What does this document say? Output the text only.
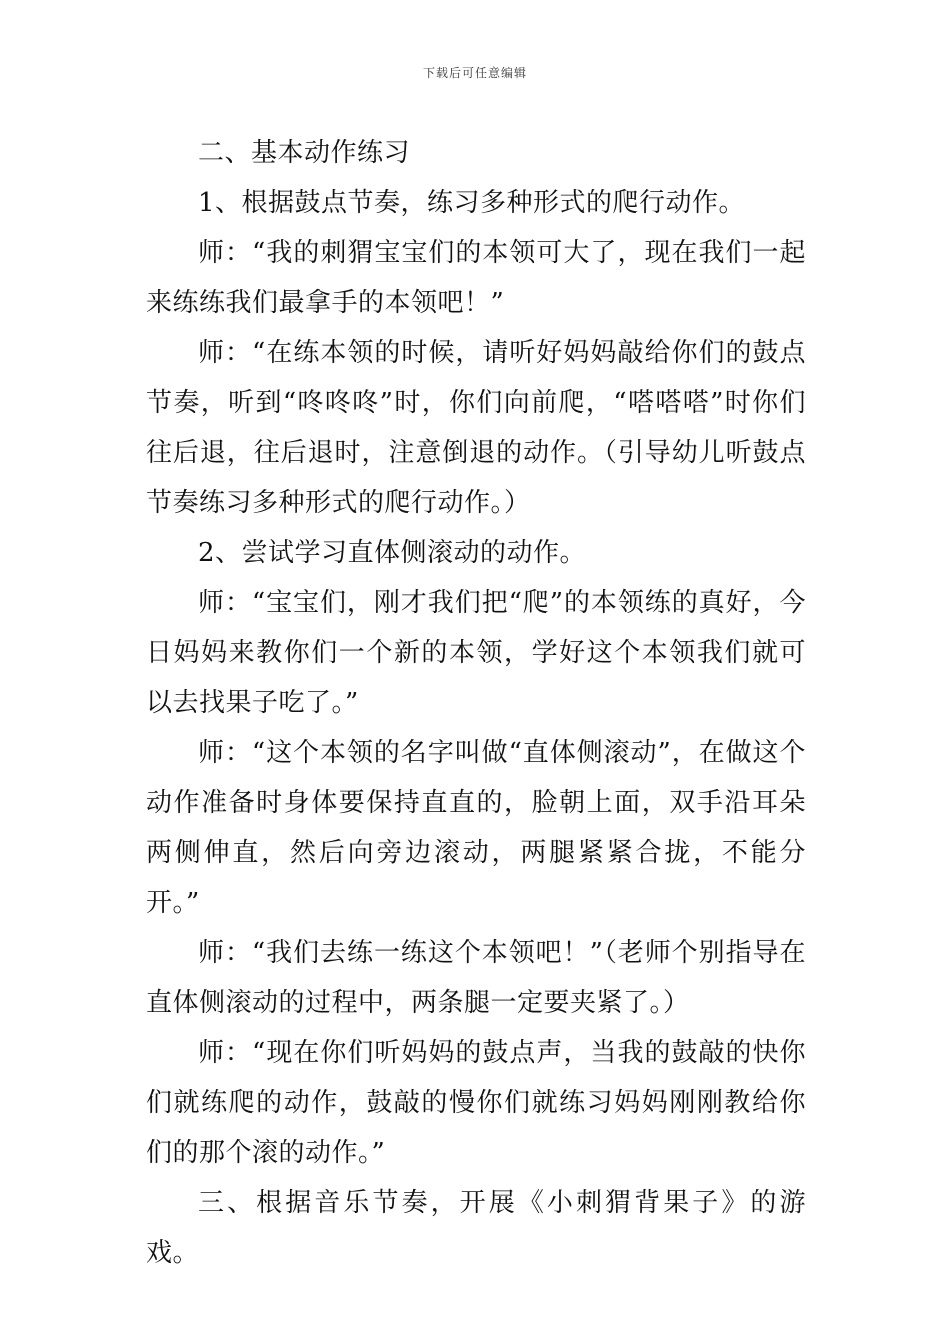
下载后可任意编辑

二、基本动作练习

1、根据鼓点节奏，练习多种形式的爬行动作。

师：“我的刺猬宝宝们的本领可大了，现在我们一起来练练我们最拿手的本领吧！”

师：“在练本领的时候，请听好妈妈敲给你们的鼓点节奏，听到“咚咚咚”时，你们向前爬，“嗒嗒嗒”时你们往后退，往后退时，注意倒退的动作。（引导幼儿听鼓点节奏练习多种形式的爬行动作。）

2、尝试学习直体侧滚动的动作。

师：“宝宝们，刚才我们把“爬”的本领练的真好，今日妈妈来教你们一个新的本领，学好这个本领我们就可以去找果子吃了。”

师：“这个本领的名字叫做“直体侧滚动”，在做这个动作准备时身体要保持直直的，脸朝上面，双手沿耳朵两侧伸直，然后向旁边滚动，两腿紧紧合拢，不能分开。”

师：“我们去练一练这个本领吧！”（老师个别指导在直体侧滚动的过程中，两条腿一定要夹紧了。）

师：“现在你们听妈妈的鼓点声，当我的鼓敲的快你们就练爬的动作，鼓敲的慢你们就练习妈妈刚刚教给你们的那个滚的动作。”

三、根据音乐节奏，开展《小刺猬背果子》的游戏。
